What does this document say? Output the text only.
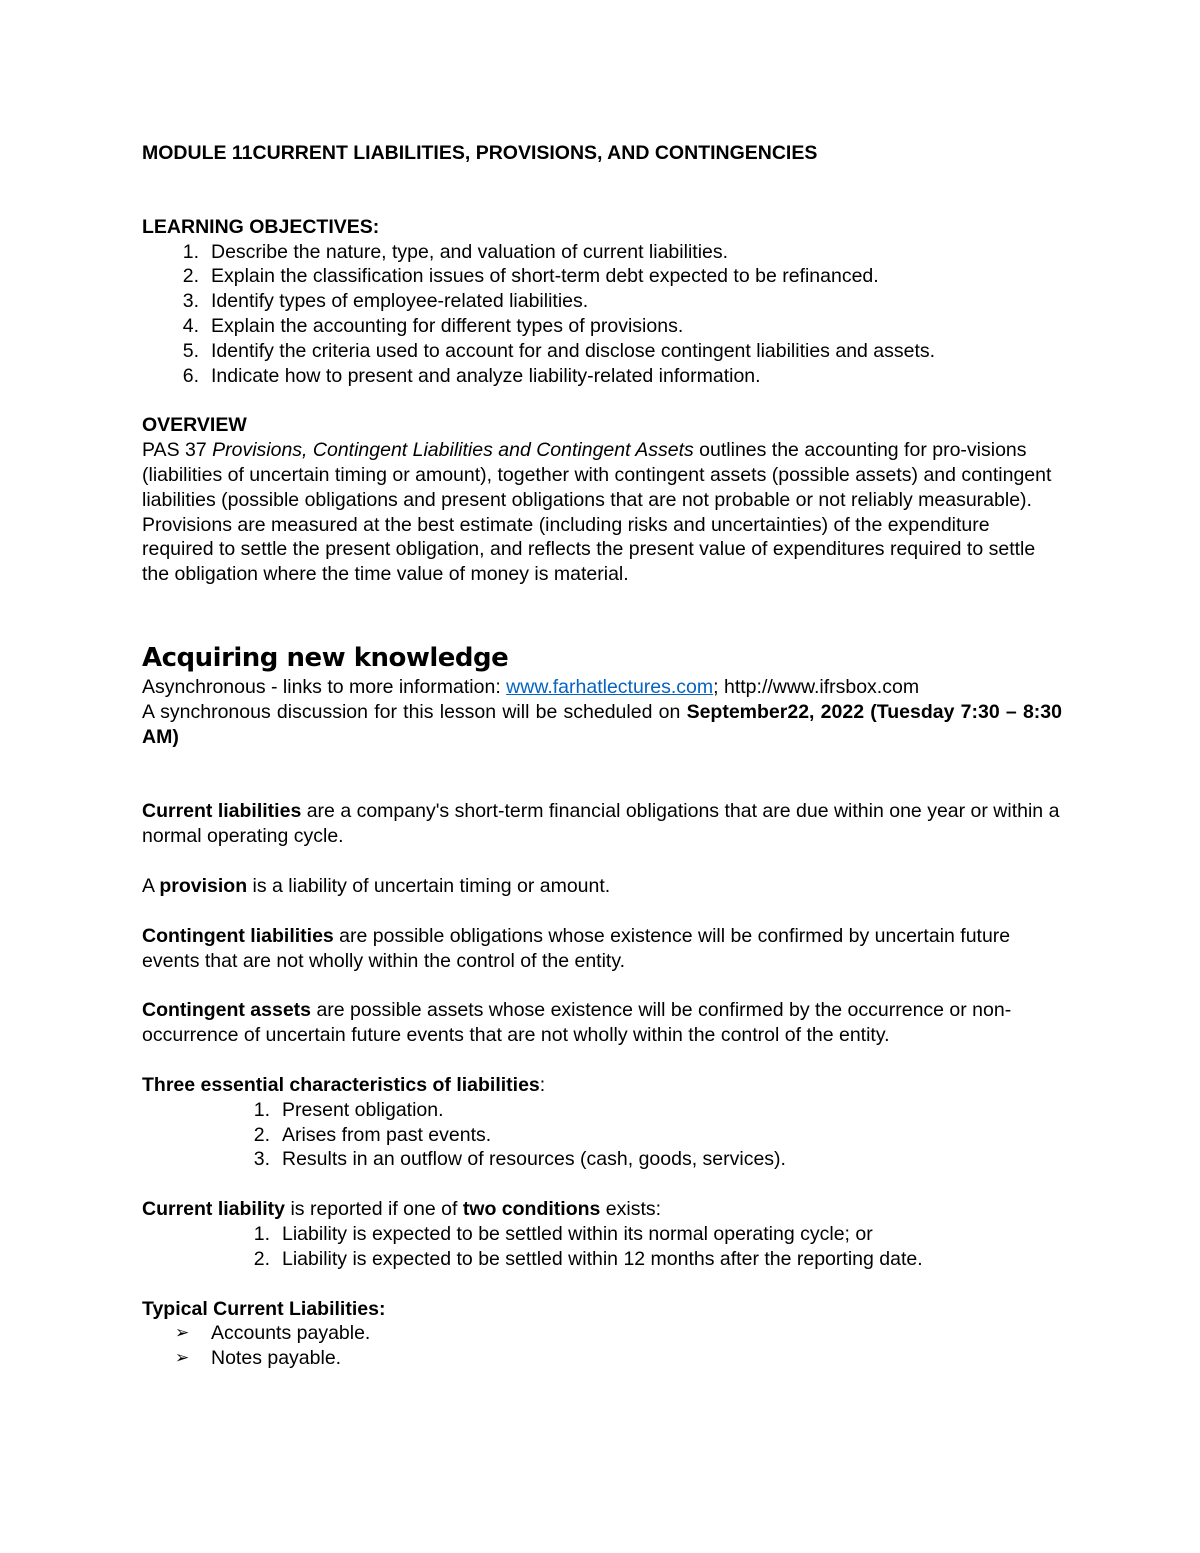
MODULE 11CURRENT LIABILITIES, PROVISIONS, AND CONTINGENCIES

LEARNING OBJECTIVES:

1. Describe the nature, type, and valuation of current liabilities.
2. Explain the classification issues of short-term debt expected to be refinanced.
3. Identify types of employee-related liabilities.
4. Explain the accounting for different types of provisions.
5. Identify the criteria used to account for and disclose contingent liabilities and assets.
6. Indicate how to present and analyze liability-related information.

OVERVIEW

PAS 37 Provisions, Contingent Liabilities and Contingent Assets outlines the accounting for pro-visions (liabilities of uncertain timing or amount), together with contingent assets (possible assets) and contingent liabilities (possible obligations and present obligations that are not probable or not reliably measurable). Provisions are measured at the best estimate (including risks and uncertainties) of the expenditure required to settle the present obligation, and reflects the present value of expenditures required to settle the obligation where the time value of money is material.

Acquiring new knowledge

Asynchronous - links to more information: www.farhatlectures.com; http://www.ifrsbox.com

A synchronous discussion for this lesson will be scheduled on September22, 2022 (Tuesday 7:30 – 8:30 AM)

Current liabilities are a company's short-term financial obligations that are due within one year or within a normal operating cycle.

A provision is a liability of uncertain timing or amount.

Contingent liabilities are possible obligations whose existence will be confirmed by uncertain future events that are not wholly within the control of the entity.

Contingent assets are possible assets whose existence will be confirmed by the occurrence or non-occurrence of uncertain future events that are not wholly within the control of the entity.

Three essential characteristics of liabilities:

1. Present obligation.
2. Arises from past events.
3. Results in an outflow of resources (cash, goods, services).

Current liability is reported if one of two conditions exists:

1. Liability is expected to be settled within its normal operating cycle; or
2. Liability is expected to be settled within 12 months after the reporting date.

Typical Current Liabilities:

➢ Accounts payable.
➢ Notes payable.
